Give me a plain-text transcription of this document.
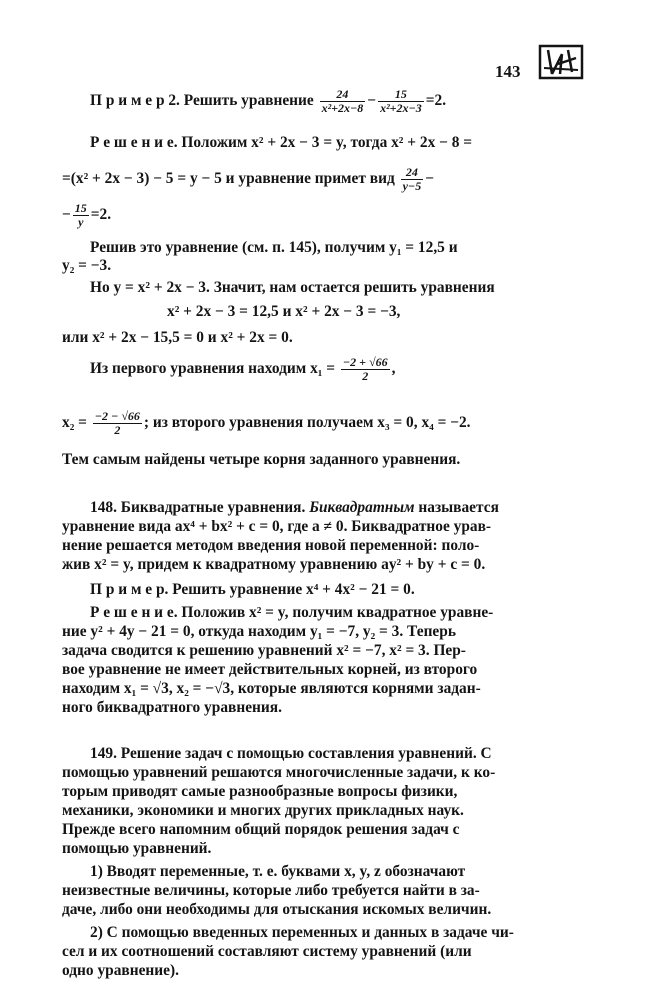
143
П р и м е р 2. Решить уравнение $\frac{24}{\text{x²+2x−8}} - \frac{15}{\text{x²+2x−3}} =2$.
Р е ш е н и е. Положим x² + 2x − 3 = y, тогда x² + 2x − 8 =
=(x² + 2x − 3) − 5 = y − 5 и уравнение примет вид $\frac{24}{y-5}$ −
− $\frac{15}{y} =2$.
Решив это уравнение (см. п. 145), получим y₁ = 12,5 и
y₂ = −3.
Но y = x² + 2x − 3. Значит, нам остается решить уравнения
x² + 2x − 3 = 12,5 и x² + 2x − 3 = −3,
или x² + 2x − 15,5 = 0 и x² + 2x = 0.
Из первого уравнения находим $x_1 = \frac{-2 + √66}{2}$ ,
$x_2 = \frac{-2 - √66}{2}$ ; из второго уравнения получаем x₃ = 0, x₄ = −2.
Тем самым найдены четыре корня заданного уравнения.
148. Биквадратные уравнения. Биквадратным называется
уравнение вида ax⁴ + bx² + c = 0, где a ≠ 0. Биквадратное урав-
нение решается методом введения новой переменной: поло-
жив x² = y, придем к квадратному уравнению ay² + by + c = 0.
П р и м е р. Решить уравнение x⁴ + 4x² − 21 = 0.
Р е ш е н и е. Положив x² = y, получим квадратное уравне-
ние y² + 4y − 21 = 0, откуда находим y₁ = −7, y₂ = 3. Теперь
задача сводится к решению уравнений x² = −7, x² = 3. Пер-
вое уравнение не имеет действительных корней, из второго
находим x₁ = √3, x₂ = −√3, которые являются корнями задан-
ного биквадратного уравнения.
149. Решение задач с помощью составления уравнений. С
помощью уравнений решаются многочисленные задачи, к ко-
торым приводят самые разнообразные вопросы физики,
механики, экономики и многих других прикладных наук.
Прежде всего напомним общий порядок решения задач с
помощью уравнений.
1) Вводят переменные, т. е. буквами x, y, z обозначают
неизвестные величины, которые либо требуется найти в за-
даче, либо они необходимы для отыскания искомых величин.
2) С помощью введенных переменных и данных в задаче чи-
сел и их соотношений составляют систему уравнений (или
одно уравнение).
